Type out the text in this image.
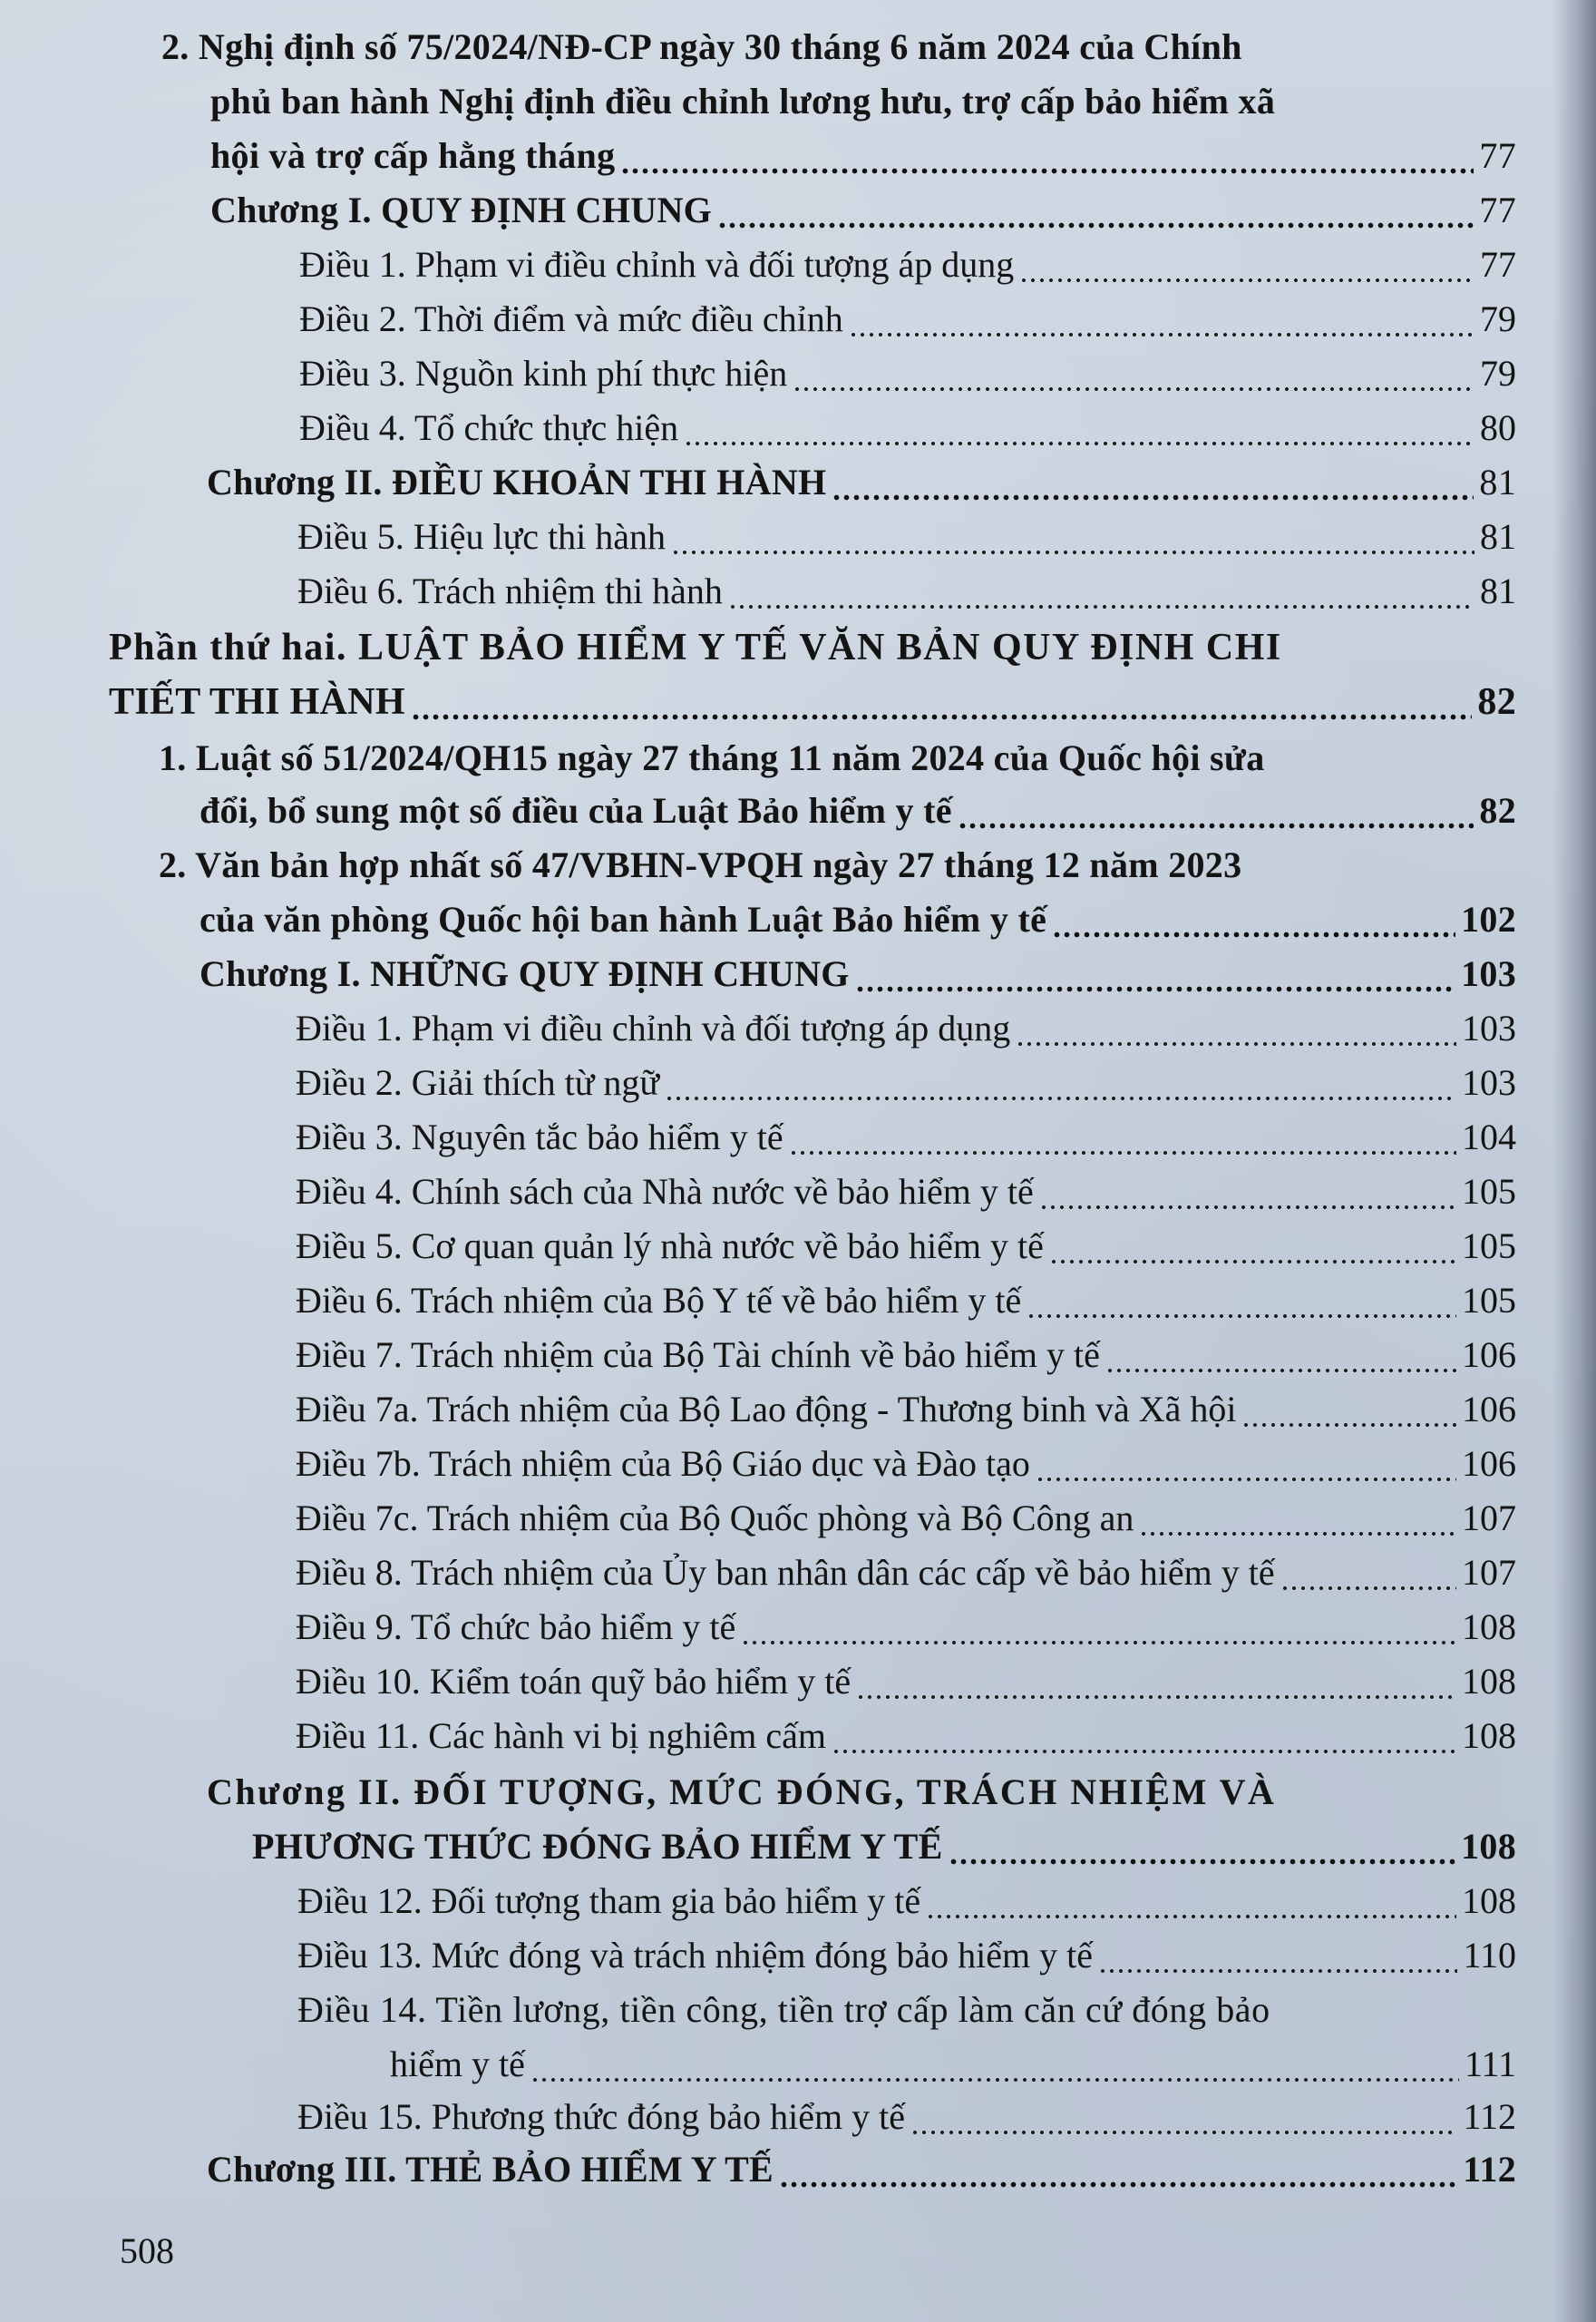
2. Nghị định số 75/2024/NĐ-CP ngày 30 tháng 6 năm 2024 của Chính
phủ ban hành Nghị định điều chỉnh lương hưu, trợ cấp bảo hiểm xã
hội và trợ cấp hằng tháng	77
Chương I. QUY ĐỊNH CHUNG	77
Điều 1. Phạm vi điều chỉnh và đối tượng áp dụng	77
Điều 2. Thời điểm và mức điều chỉnh	79
Điều 3. Nguồn kinh phí thực hiện	79
Điều 4. Tổ chức thực hiện	80
Chương II. ĐIỀU KHOẢN THI HÀNH	81
Điều 5. Hiệu lực thi hành	81
Điều 6. Trách nhiệm thi hành	81
Phần thứ hai. LUẬT BẢO HIỂM Y TẾ VĂN BẢN QUY ĐỊNH CHI
TIẾT THI HÀNH	82
1. Luật số 51/2024/QH15 ngày 27 tháng 11 năm 2024 của Quốc hội sửa
đổi, bổ sung một số điều của Luật Bảo hiểm y tế	82
2. Văn bản hợp nhất số 47/VBHN-VPQH ngày 27 tháng 12 năm 2023
của văn phòng Quốc hội ban hành Luật Bảo hiểm y tế	102
Chương I. NHỮNG QUY ĐỊNH CHUNG	103
Điều 1. Phạm vi điều chỉnh và đối tượng áp dụng	103
Điều 2. Giải thích từ ngữ	103
Điều 3. Nguyên tắc bảo hiểm y tế	104
Điều 4. Chính sách của Nhà nước về bảo hiểm y tế	105
Điều 5. Cơ quan quản lý nhà nước về bảo hiểm y tế	105
Điều 6. Trách nhiệm của Bộ Y tế về bảo hiểm y tế	105
Điều 7. Trách nhiệm của Bộ Tài chính về bảo hiểm y tế	106
Điều 7a. Trách nhiệm của Bộ Lao động - Thương binh và Xã hội	106
Điều 7b. Trách nhiệm của Bộ Giáo dục và Đào tạo	106
Điều 7c. Trách nhiệm của Bộ Quốc phòng và Bộ Công an	107
Điều 8. Trách nhiệm của Ủy ban nhân dân các cấp về bảo hiểm y tế	107
Điều 9. Tổ chức bảo hiểm y tế	108
Điều 10. Kiểm toán quỹ bảo hiểm y tế	108
Điều 11. Các hành vi bị nghiêm cấm	108
Chương II. ĐỐI TƯỢNG, MỨC ĐÓNG, TRÁCH NHIỆM VÀ
PHƯƠNG THỨC ĐÓNG BẢO HIỂM Y TẾ	108
Điều 12. Đối tượng tham gia bảo hiểm y tế	108
Điều 13. Mức đóng và trách nhiệm đóng bảo hiểm y tế	110
Điều 14. Tiền lương, tiền công, tiền trợ cấp làm căn cứ đóng bảo
hiểm y tế	111
Điều 15. Phương thức đóng bảo hiểm y tế	112
Chương III. THẺ BẢO HIỂM Y TẾ	112
508
